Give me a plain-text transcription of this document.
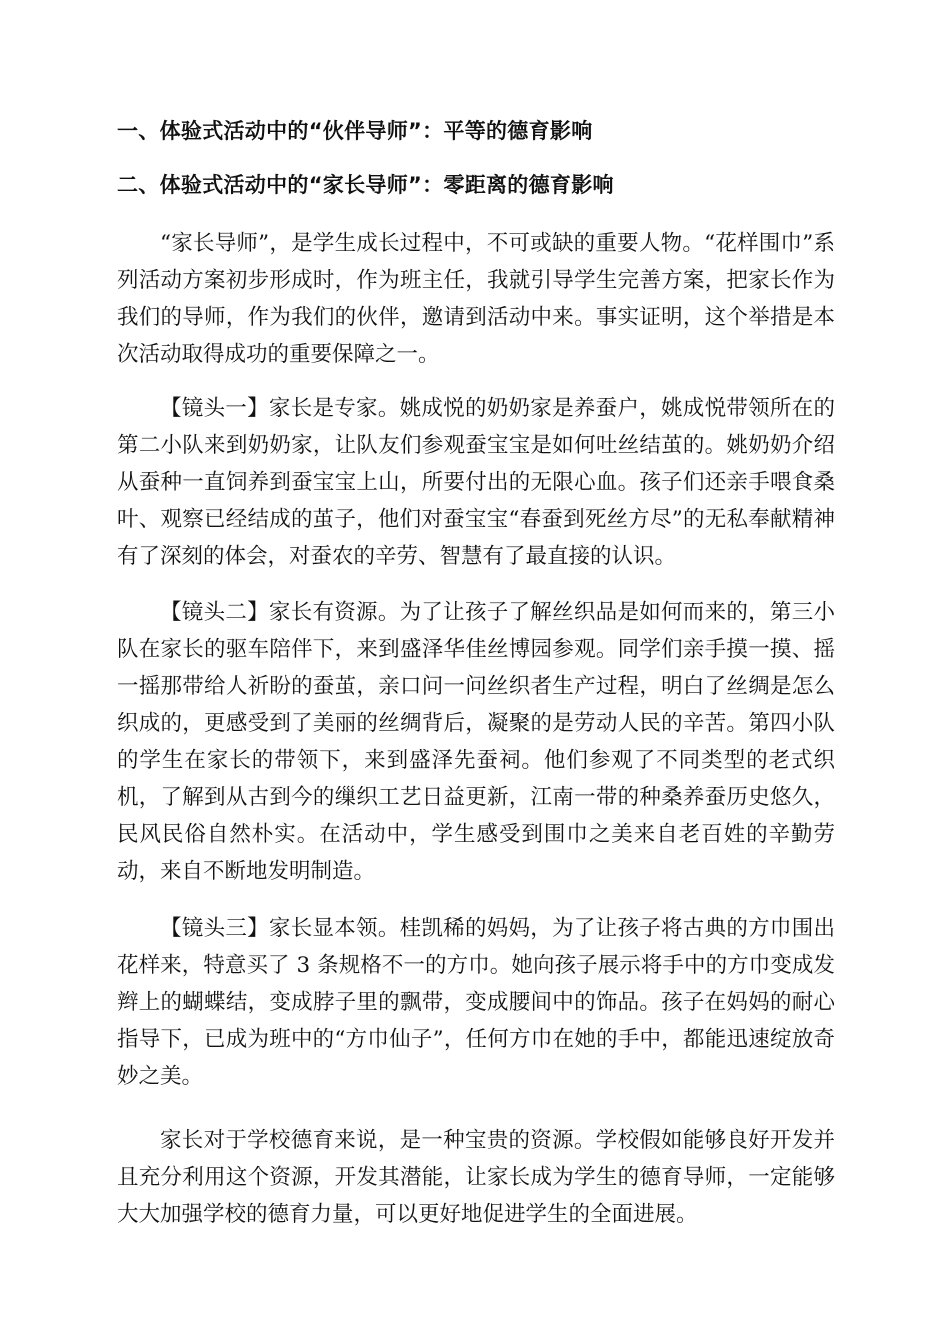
一、体验式活动中的“伙伴导师”：平等的德育影响
二、体验式活动中的“家长导师”：零距离的德育影响

“家长导师”，是学生成长过程中，不可或缺的重要人物。“花样围巾”系列活动方案初步形成时，作为班主任，我就引导学生完善方案，把家长作为我们的导师，作为我们的伙伴，邀请到活动中来。事实证明，这个举措是本次活动取得成功的重要保障之一。

【镜头一】家长是专家。姚成悦的奶奶家是养蚕户，姚成悦带领所在的第二小队来到奶奶家，让队友们参观蚕宝宝是如何吐丝结茧的。姚奶奶介绍从蚕种一直饲养到蚕宝宝上山，所要付出的无限心血。孩子们还亲手喂食桑叶、观察已经结成的茧子，他们对蚕宝宝“春蚕到死丝方尽”的无私奉献精神有了深刻的体会，对蚕农的辛劳、智慧有了最直接的认识。

【镜头二】家长有资源。为了让孩子了解丝织品是如何而来的，第三小队在家长的驱车陪伴下，来到盛泽华佳丝博园参观。同学们亲手摸一摸、摇一摇那带给人祈盼的蚕茧，亲口问一问丝织者生产过程，明白了丝绸是怎么织成的，更感受到了美丽的丝绸背后，凝聚的是劳动人民的辛苦。第四小队的学生在家长的带领下，来到盛泽先蚕祠。他们参观了不同类型的老式织机，了解到从古到今的缫织工艺日益更新，江南一带的种桑养蚕历史悠久，民风民俗自然朴实。在活动中，学生感受到围巾之美来自老百姓的辛勤劳动，来自不断地发明制造。

【镜头三】家长显本领。桂凯稀的妈妈，为了让孩子将古典的方巾围出花样来，特意买了 3 条规格不一的方巾。她向孩子展示将手中的方巾变成发辫上的蝴蝶结，变成脖子里的飘带，变成腰间中的饰品。孩子在妈妈的耐心指导下，已成为班中的“方巾仙子”，任何方巾在她的手中，都能迅速绽放奇妙之美。

家长对于学校德育来说，是一种宝贵的资源。学校假如能够良好开发并且充分利用这个资源，开发其潜能，让家长成为学生的德育导师，一定能够大大加强学校的德育力量，可以更好地促进学生的全面进展。
